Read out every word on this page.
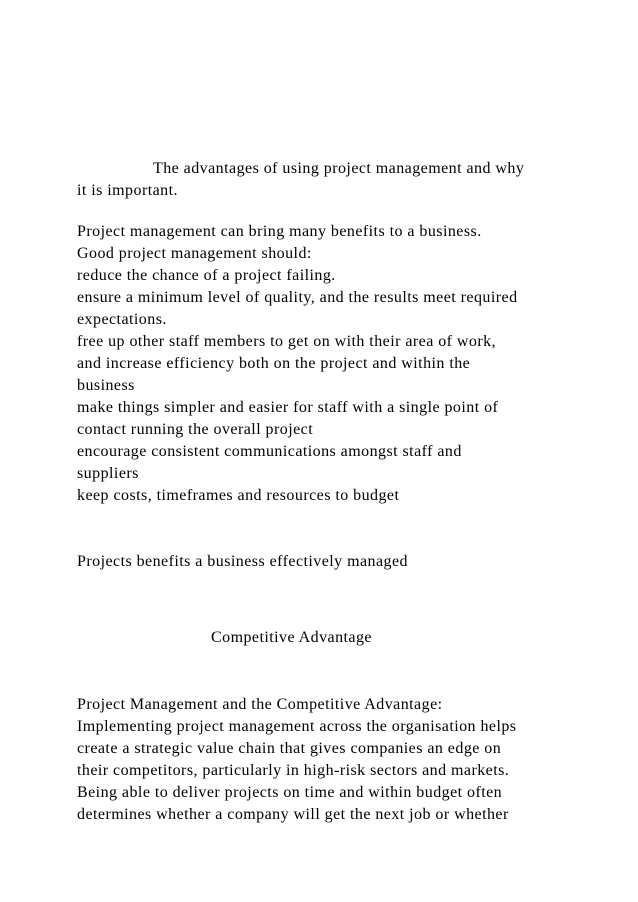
The advantages of using project management and why
it is important.
Project management can bring many benefits to a business.
Good project management should:
reduce the chance of a project failing.
ensure a minimum level of quality, and the results meet required
expectations.
free up other staff members to get on with their area of work,
and increase efficiency both on the project and within the
business
make things simpler and easier for staff with a single point of
contact running the overall project
encourage consistent communications amongst staff and
suppliers
keep costs, timeframes and resources to budget
Projects benefits a business effectively managed
Competitive Advantage
Project Management and the Competitive Advantage:
Implementing project management across the organisation helps
create a strategic value chain that gives companies an edge on
their competitors, particularly in high-risk sectors and markets.
Being able to deliver projects on time and within budget often
determines whether a company will get the next job or whether
